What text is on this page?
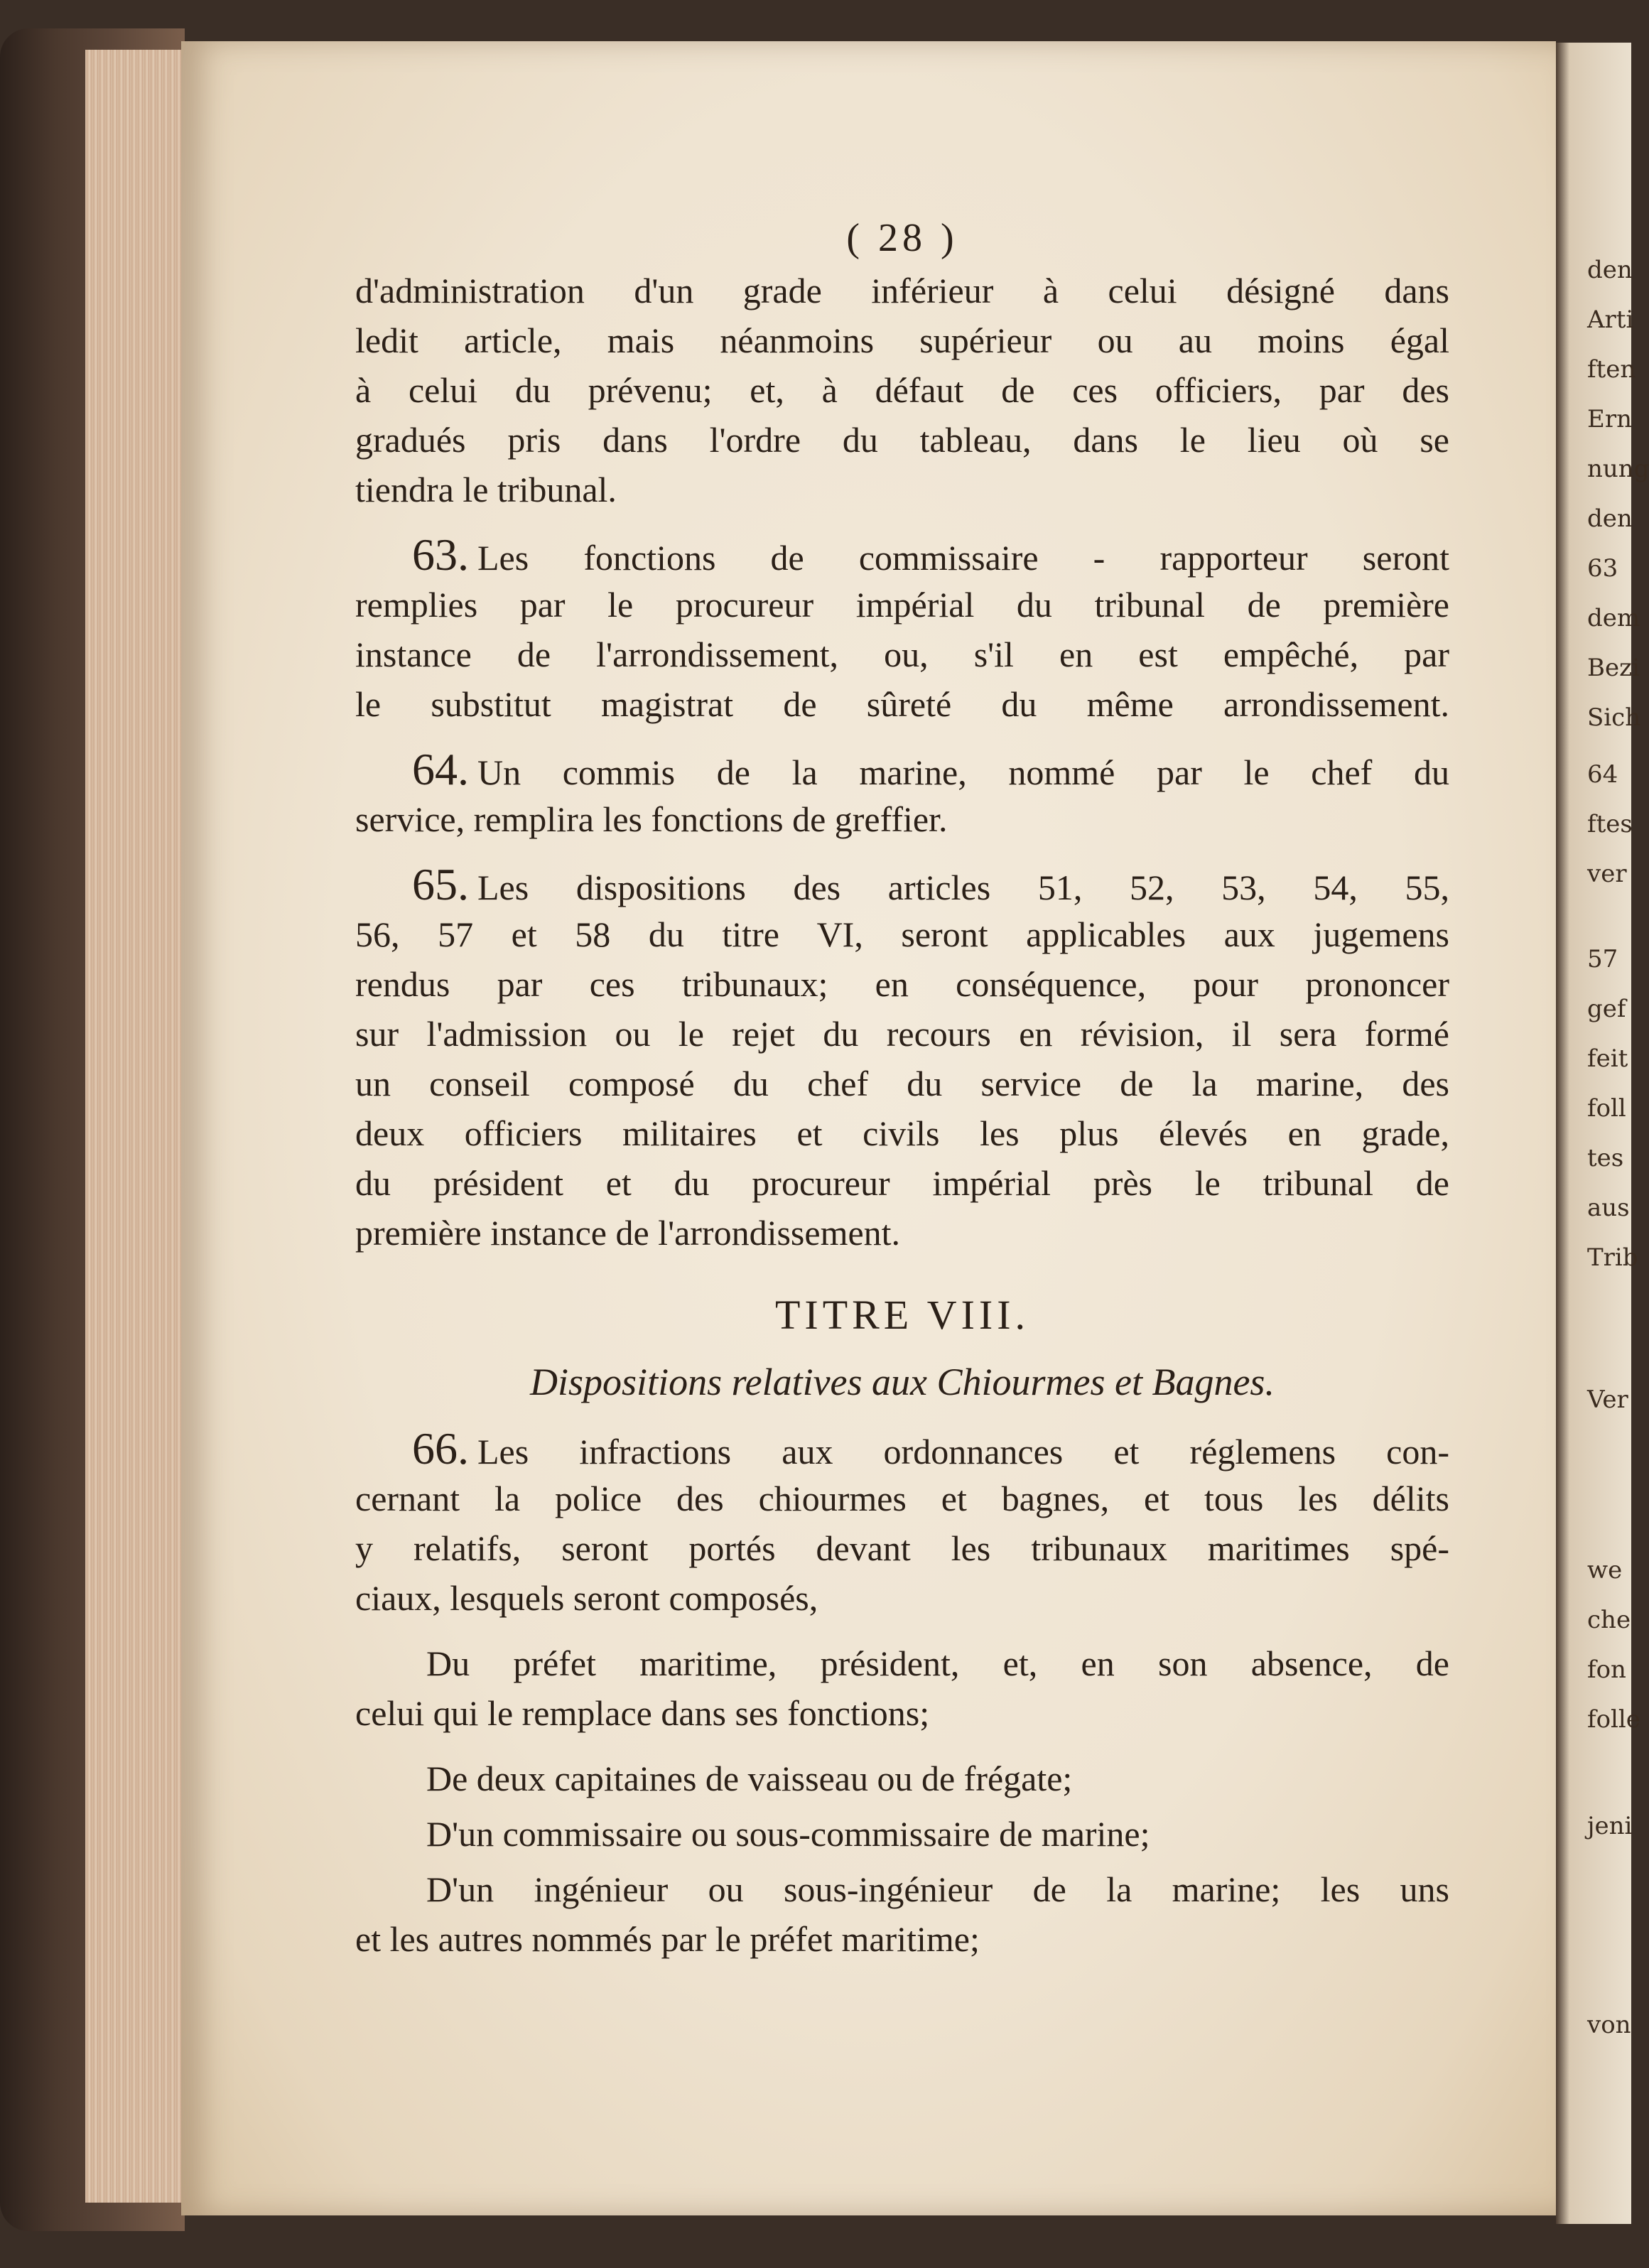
den
Arti
ften
Ern
nung
den
63
dem
Bezi
Sich
64
ftes
ver
57
gef
feit
foll
tes
aus
Trib
Ver
we
che
fon
folle
jeni
von
( 28 )
d'administration d'un grade inférieur à celui désigné dans
ledit article, mais néanmoins supérieur ou au moins égal
à celui du prévenu; et, à défaut de ces officiers, par des
gradués pris dans l'ordre du tableau, dans le lieu où se
tiendra le tribunal.
63. Les fonctions de commissaire - rapporteur seront
remplies par le procureur impérial du tribunal de première
instance de l'arrondissement, ou, s'il en est empêché, par
le substitut magistrat de sûreté du même arrondissement.
64. Un commis de la marine, nommé par le chef du
service, remplira les fonctions de greffier.
65. Les dispositions des articles 51, 52, 53, 54, 55,
56, 57 et 58 du titre VI, seront applicables aux jugemens
rendus par ces tribunaux; en conséquence, pour prononcer
sur l'admission ou le rejet du recours en révision, il sera formé
un conseil composé du chef du service de la marine, des
deux officiers militaires et civils les plus élevés en grade,
du président et du procureur impérial près le tribunal de
première instance de l'arrondissement.
TITRE VIII.
Dispositions relatives aux Chiourmes et Bagnes.
66. Les infractions aux ordonnances et réglemens con-
cernant la police des chiourmes et bagnes, et tous les délits
y relatifs, seront portés devant les tribunaux maritimes spé-
ciaux, lesquels seront composés,
Du préfet maritime, président, et, en son absence, de
celui qui le remplace dans ses fonctions;
De deux capitaines de vaisseau ou de frégate;
D'un commissaire ou sous-commissaire de marine;
D'un ingénieur ou sous-ingénieur de la marine; les uns
et les autres nommés par le préfet maritime;
